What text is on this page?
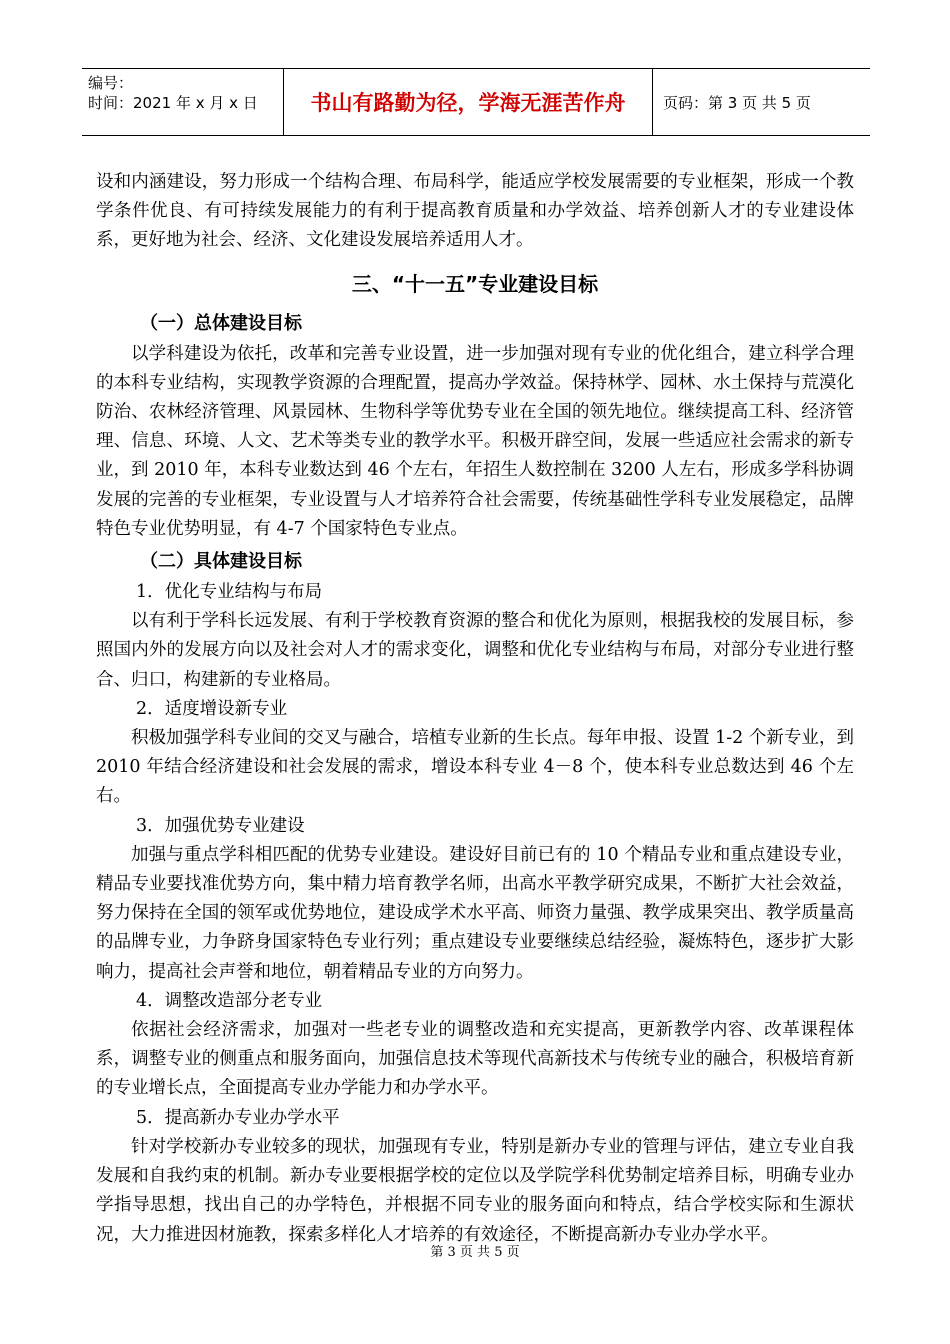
编号：
时间：2021 年 x 月 x 日	书山有路勤为径，学海无涯苦作舟	页码：第 3 页 共 5 页

设和内涵建设，努力形成一个结构合理、布局科学，能适应学校发展需要的专业框架，形成一个教学条件优良、有可持续发展能力的有利于提高教育质量和办学效益、培养创新人才的专业建设体系，更好地为社会、经济、文化建设发展培养适用人才。

三、“十一五”专业建设目标
（一）总体建设目标

以学科建设为依托，改革和完善专业设置，进一步加强对现有专业的优化组合，建立科学合理的本科专业结构，实现教学资源的合理配置，提高办学效益。保持林学、园林、水土保持与荒漠化防治、农林经济管理、风景园林、生物科学等优势专业在全国的领先地位。继续提高工科、经济管理、信息、环境、人文、艺术等类专业的教学水平。积极开辟空间，发展一些适应社会需求的新专业，到 2010 年，本科专业数达到 46 个左右，年招生人数控制在 3200 人左右，形成多学科协调发展的完善的专业框架，专业设置与人才培养符合社会需要，传统基础性学科专业发展稳定，品牌特色专业优势明显，有 4-7 个国家特色专业点。

（二）具体建设目标
1．优化专业结构与布局

以有利于学科长远发展、有利于学校教育资源的整合和优化为原则，根据我校的发展目标，参照国内外的发展方向以及社会对人才的需求变化，调整和优化专业结构与布局，对部分专业进行整合、归口，构建新的专业格局。

2．适度增设新专业

积极加强学科专业间的交叉与融合，培植专业新的生长点。每年申报、设置 1-2 个新专业，到 2010 年结合经济建设和社会发展的需求，增设本科专业 4－8 个，使本科专业总数达到 46 个左右。

3．加强优势专业建设

加强与重点学科相匹配的优势专业建设。建设好目前已有的 10 个精品专业和重点建设专业，精品专业要找准优势方向，集中精力培育教学名师，出高水平教学研究成果，不断扩大社会效益，努力保持在全国的领军或优势地位，建设成学术水平高、师资力量强、教学成果突出、教学质量高的品牌专业，力争跻身国家特色专业行列；重点建设专业要继续总结经验，凝炼特色，逐步扩大影响力，提高社会声誉和地位，朝着精品专业的方向努力。

4．调整改造部分老专业

依据社会经济需求，加强对一些老专业的调整改造和充实提高，更新教学内容、改革课程体系，调整专业的侧重点和服务面向，加强信息技术等现代高新技术与传统专业的融合，积极培育新的专业增长点，全面提高专业办学能力和办学水平。

5．提高新办专业办学水平

针对学校新办专业较多的现状，加强现有专业，特别是新办专业的管理与评估，建立专业自我发展和自我约束的机制。新办专业要根据学校的定位以及学院学科优势制定培养目标，明确专业办学指导思想，找出自己的办学特色，并根据不同专业的服务面向和特点，结合学校实际和生源状况，大力推进因材施教，探索多样化人才培养的有效途径，不断提高新办专业办学水平。

第 3 页 共 5 页
